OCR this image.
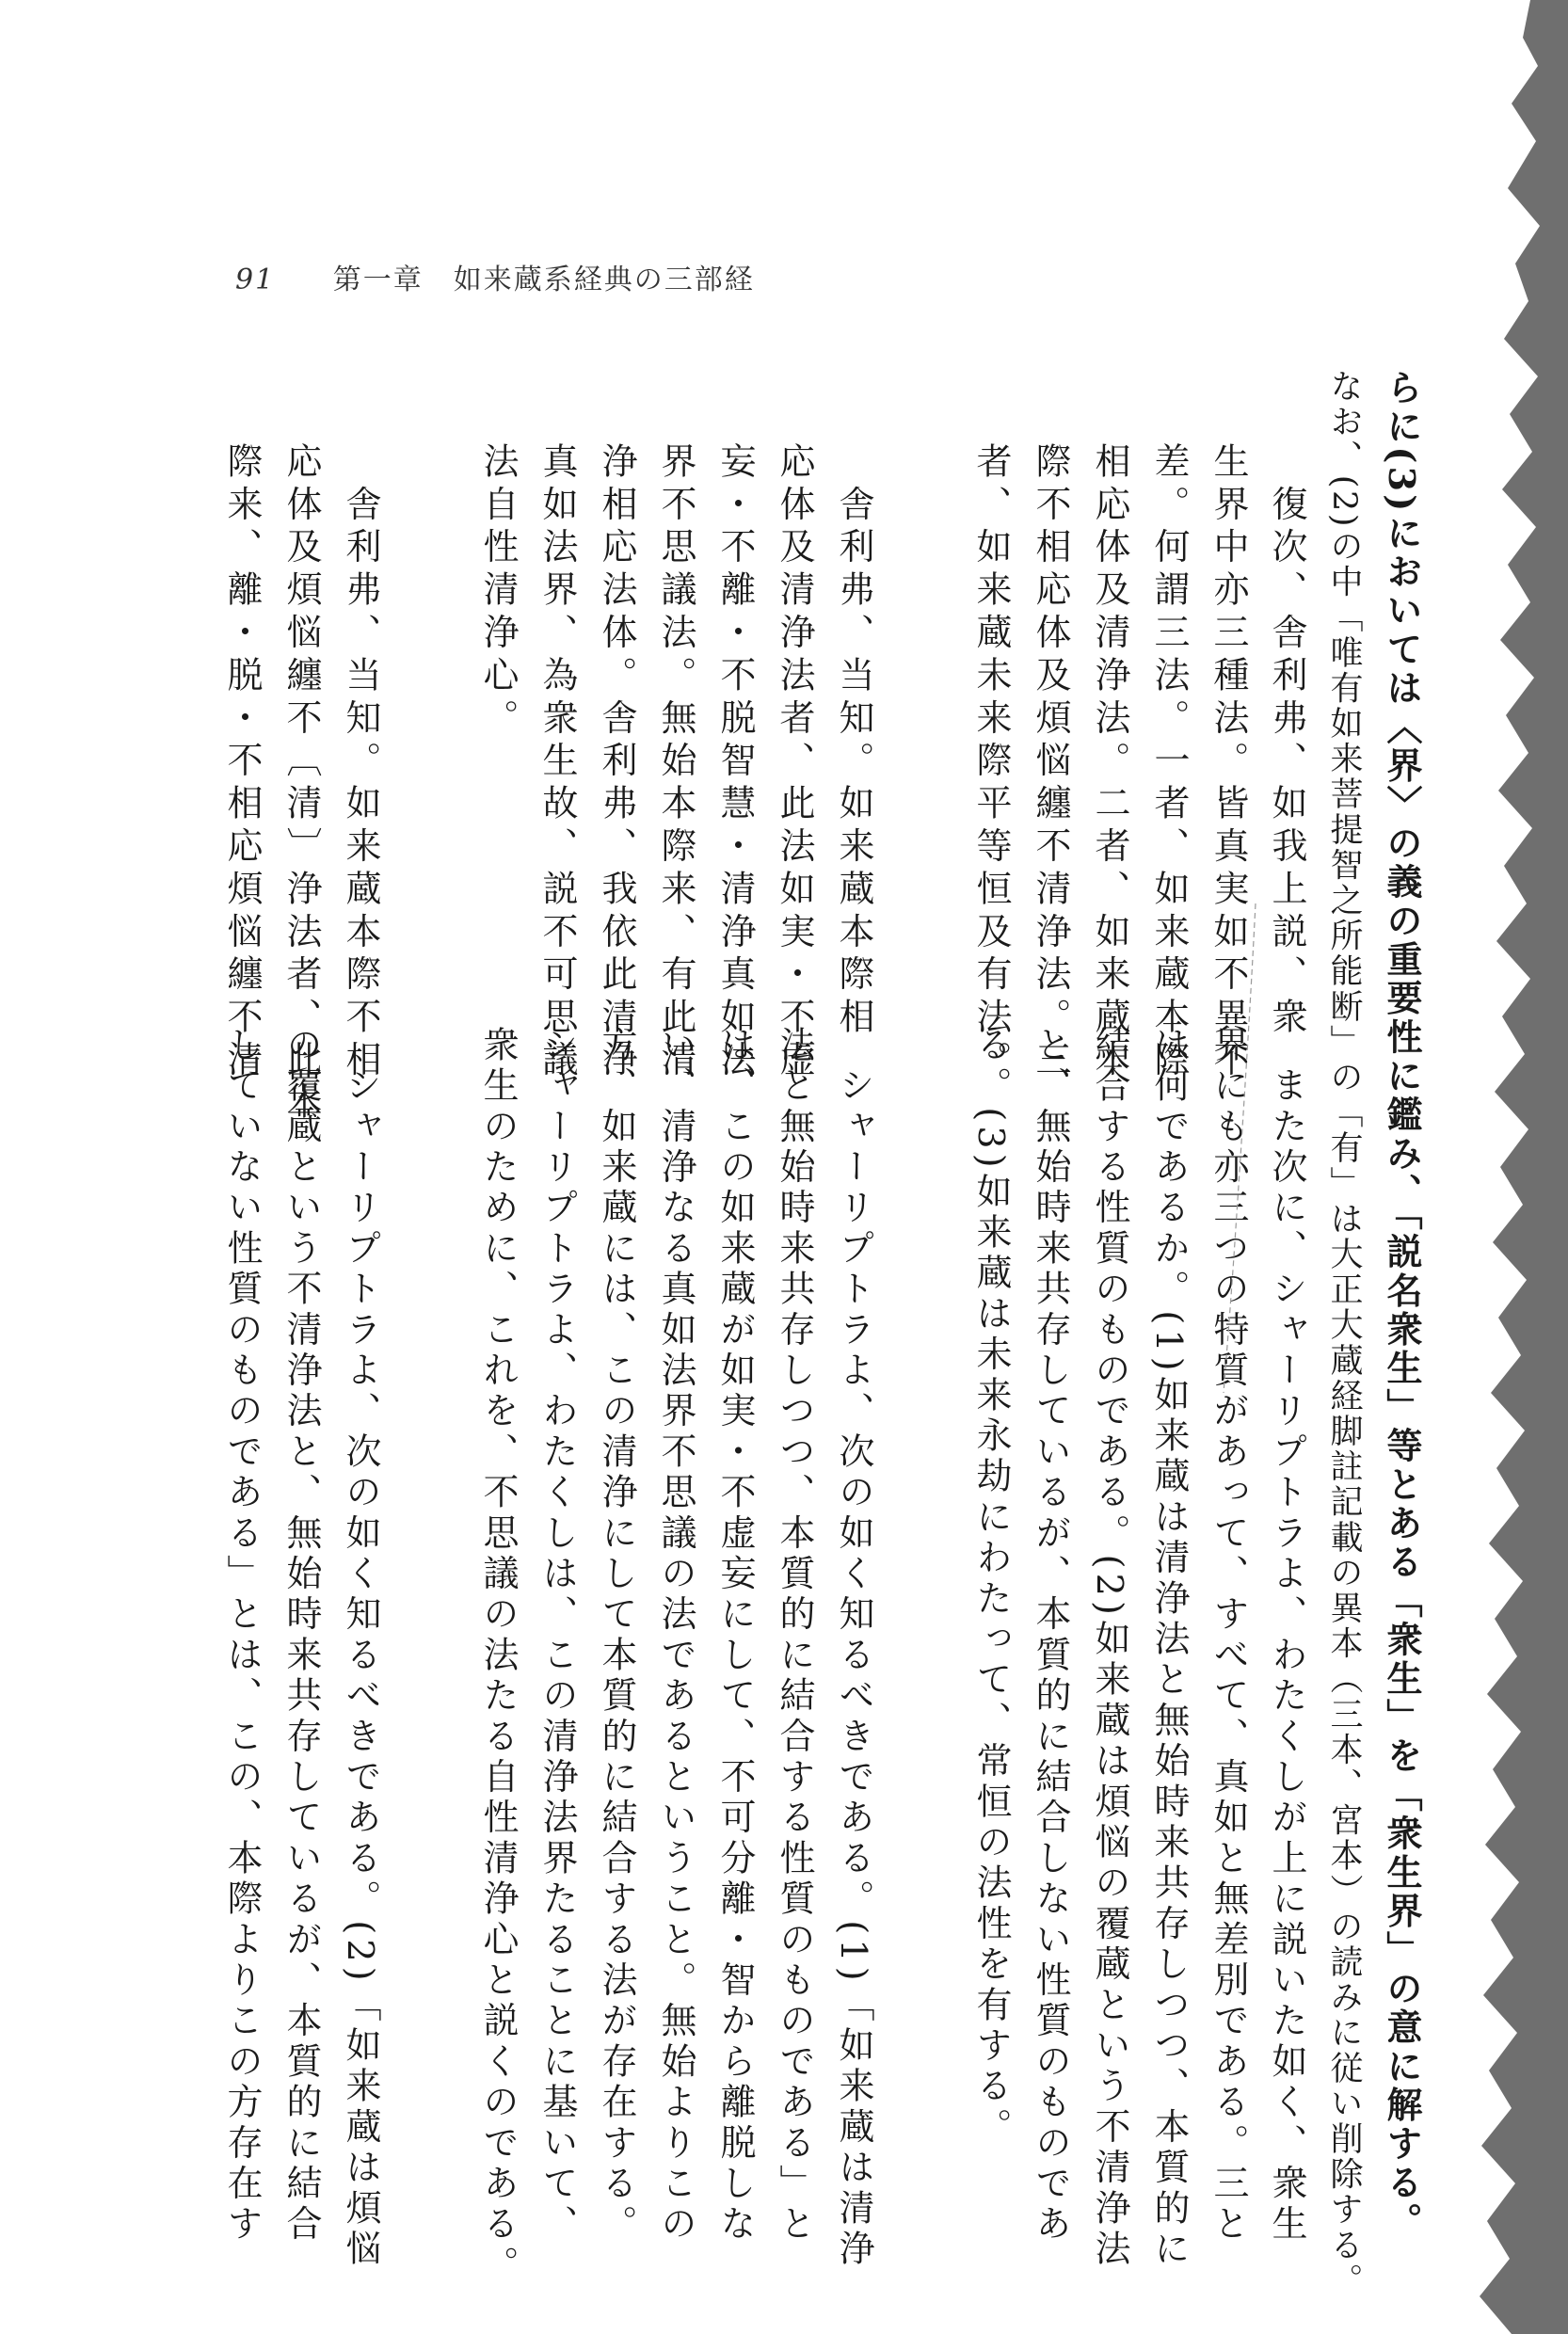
91 第一章　如来蔵系経典の三部経
らに(3)においては〈界〉の義の重要性に鑑み、「説名衆生」等とある「衆生」を「衆生界」の意に解する。
なお、(2)の中「唯有如来菩提智之所能断」の「有」は大正大蔵経脚註記載の異本（三本、宮本）の読みに従い削除する。
　復次、舎利弗、如我上説、衆
生界中亦三種法。皆真実如不異不
差。何謂三法。一者、如来蔵本際
相応体及清浄法。二者、如来蔵本
際不相応体及煩悩纏不清浄法。三
者、如来蔵未来際平等恒及有法。
　また次に、シャーリプトラよ、わたくしが上に説いた如く、衆生
界にも亦三つの特質があって、すべて、真如と無差別である。三と
は何であるか。(1)如来蔵は清浄法と無始時来共存しつつ、本質的に
結合する性質のものである。(2)如来蔵は煩悩の覆蔵という不清浄法
と、無始時来共存しているが、本質的に結合しない性質のものであ
る。(3)如来蔵は未来永劫にわたって、常恒の法性を有する。
　舎利弗、当知。如来蔵本際相
応体及清浄法者、此法如実・不虚
妄・不離・不脱智慧・清浄真如法
界不思議法。無始本際来、有此清
浄相応法体。舎利弗、我依此清浄
真如法界、為衆生故、説不可思議
法自性清浄心。
　シャーリプトラよ、次の如く知るべきである。(1)「如来蔵は清浄
法と無始時来共存しつつ、本質的に結合する性質のものである」と
は、この如来蔵が如実・不虚妄にして、不可分離・智から離脱しな
い、清浄なる真如法界不思議の法であるということ。無始よりこの
方、如来蔵には、この清浄にして本質的に結合する法が存在する。
シャーリプトラよ、わたくしは、この清浄法界たることに基いて、
衆生のために、これを、不思議の法たる自性清浄心と説くのである。
　舎利弗、当知。如来蔵本際不相
応体及煩悩纏不〔清〕浄法者、此本
際来、離・脱・不相応煩悩纏不清
　シャーリプトラよ、次の如く知るべきである。(2)「如来蔵は煩悩
の覆蔵という不清浄法と、無始時来共存しているが、本質的に結合
していない性質のものである」とは、この、本際よりこの方存在す
